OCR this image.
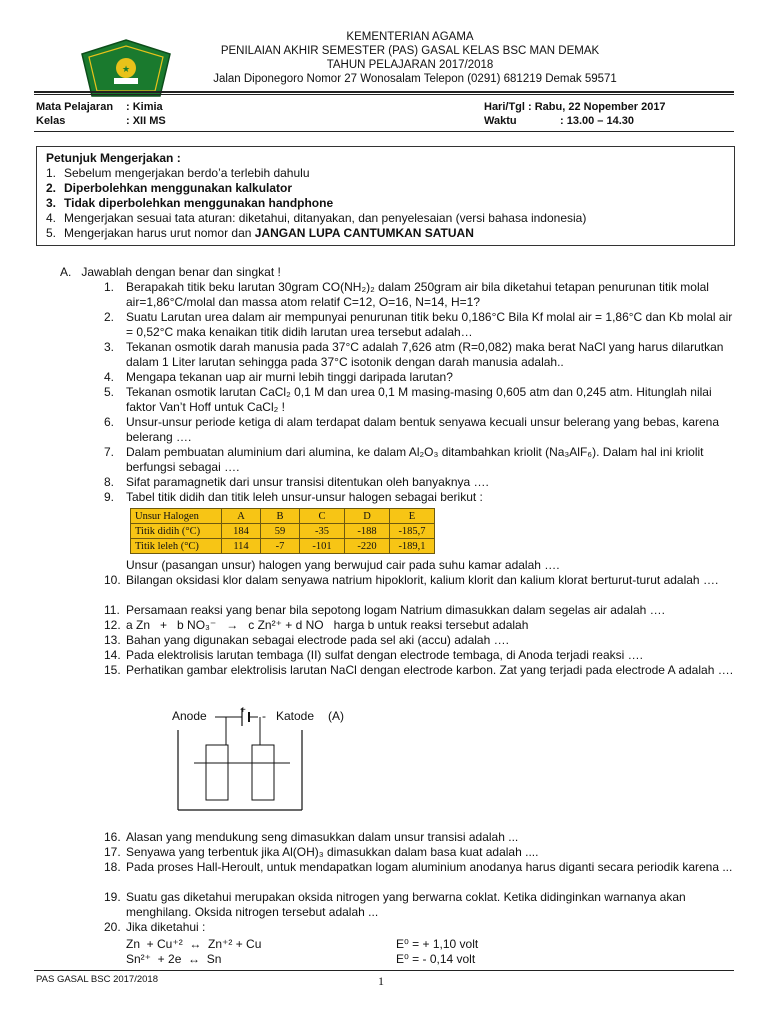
★
KEMENTERIAN AGAMA
PENILAIAN AKHIR SEMESTER (PAS) GASAL KELAS BSC MAN DEMAK
TAHUN PELAJARAN 2017/2018
Jalan Diponegoro Nomor 27 Wonosalam Telepon (0291) 681219 Demak 59571
Mata Pelajaran : Kimia
Kelas	: XII MS
Hari/Tgl : Rabu, 22 Nopember 2017
Waktu	: 13.00 – 14.30
Petunjuk Mengerjakan :
1. Sebelum mengerjakan berdo’a terlebih dahulu
2. Diperbolehkan menggunakan kalkulator
3. Tidak diperbolehkan menggunakan handphone
4. Mengerjakan sesuai tata aturan: diketahui, ditanyakan, dan penyelesaian (versi bahasa indonesia)
5. Mengerjakan harus urut nomor dan JANGAN LUPA CANTUMKAN SATUAN
A.   Jawablah dengan benar dan singkat !
1. Berapakah titik beku larutan 30gram CO(NH₂)₂ dalam 250gram air bila diketahui tetapan penurunan titik molal air=1,86°C/molal dan massa atom relatif C=12, O=16, N=14, H=1?
2. Suatu Larutan urea dalam air mempunyai penurunan titik beku 0,186°C Bila Kf molal air = 1,86°C dan Kb molal air = 0,52°C maka kenaikan titik didih larutan urea tersebut adalah…
3. Tekanan osmotik darah manusia pada 37°C adalah 7,626 atm (R=0,082) maka berat NaCl yang harus dilarutkan dalam 1 Liter larutan sehingga pada 37°C isotonik dengan darah manusia adalah..
4. Mengapa tekanan uap air murni lebih tinggi daripada larutan?
5. Tekanan osmotik larutan CaCl₂ 0,1 M dan urea 0,1 M masing-masing 0,605 atm dan 0,245 atm. Hitunglah nilai faktor Van’t Hoff untuk CaCl₂ !
6. Unsur-unsur periode ketiga di alam terdapat dalam bentuk senyawa kecuali unsur belerang yang bebas, karena belerang ….
7. Dalam pembuatan aluminium dari alumina, ke dalam Al₂O₃ ditambahkan kriolit (Na₃AlF₆). Dalam hal ini kriolit berfungsi sebagai ….
8. Sifat paramagnetik dari unsur transisi ditentukan oleh banyaknya ….
9. Tabel titik didih dan titik leleh unsur-unsur halogen sebagai berikut :
Unsur Halogen	A	B	C	D	E
Titik didih (°C)	184	59	-35	-188	-185,7
Titik leleh (°C)	114	-7	-101	-220	-189,1
Unsur (pasangan unsur) halogen yang berwujud cair pada suhu kamar adalah ….
10. Bilangan oksidasi klor dalam senyawa natrium hipoklorit, kalium klorit dan kalium klorat berturut-turut adalah ….
11. Persamaan reaksi yang benar bila sepotong logam Natrium dimasukkan dalam segelas air adalah ….
12. a Zn   +   b NO₃⁻   →   c Zn²⁺ + d NO   harga b untuk reaksi tersebut adalah
13. Bahan yang digunakan sebagai electrode pada sel aki (accu) adalah ….
14. Pada elektrolisis larutan tembaga (II) sulfat dengan electrode tembaga, di Anoda terjadi reaksi ….
15. Perhatikan gambar elektrolisis larutan NaCl dengan electrode karbon. Zat yang terjadi pada electrode A adalah ….
Anode	+ - Katode (A)
16. Alasan yang mendukung seng dimasukkan dalam unsur transisi adalah ...
17. Senyawa yang terbentuk jika Al(OH)₃ dimasukkan dalam basa kuat adalah ....
18. Pada proses Hall-Heroult, untuk mendapatkan logam aluminium anodanya harus diganti secara periodik karena ...
19. Suatu gas diketahui merupakan oksida nitrogen yang berwarna coklat. Ketika didinginkan warnanya akan menghilang. Oksida nitrogen tersebut adalah ...
20. Jika diketahui :
Zn  + Cu⁺²  ↔  Zn⁺² + Cu	E⁰ = + 1,10 volt
Sn²⁺  + 2e  ↔  Sn	E⁰ = - 0,14 volt
PAS GASAL BSC 2017/2018	1
